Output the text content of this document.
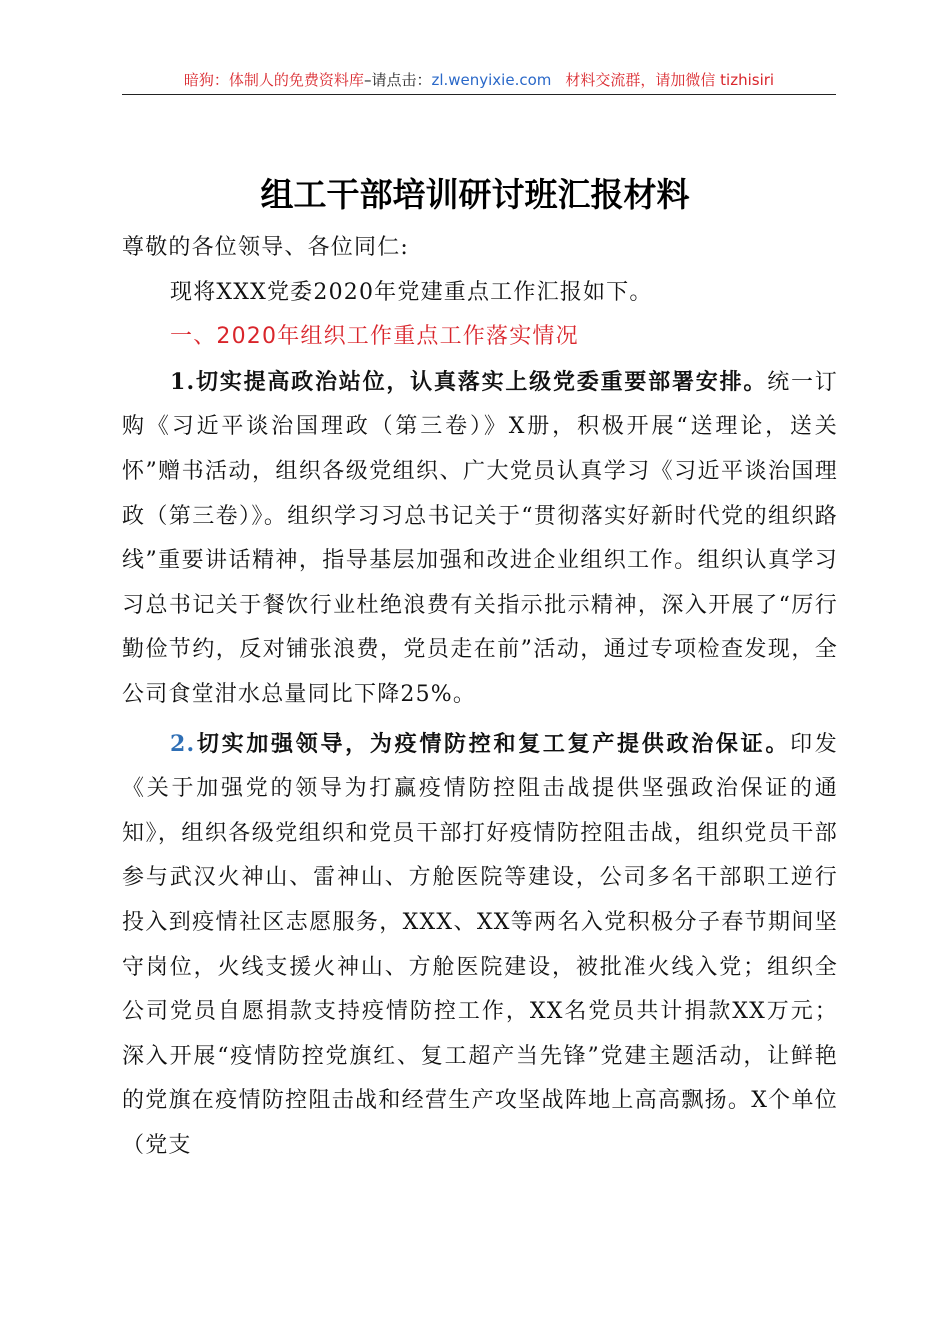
暗狗：体制人的免费资料库–请点击：zl.wenyixie.com 材料交流群，请加微信 tizhisiri
组工干部培训研讨班汇报材料

尊敬的各位领导、各位同仁:

现将XXX党委2020年党建重点工作汇报如下。

一、2020年组织工作重点工作落实情况

1.切实提高政治站位，认真落实上级党委重要部署安排。统一订购《习近平谈治国理政（第三卷）》X册，积极开展“送理论，送关怀”赠书活动，组织各级党组织、广大党员认真学习《习近平谈治国理政（第三卷）》。组织学习习总书记关于“贯彻落实好新时代党的组织路线”重要讲话精神，指导基层加强和改进企业组织工作。组织认真学习习总书记关于餐饮行业杜绝浪费有关指示批示精神，深入开展了“厉行勤俭节约，反对铺张浪费，党员走在前”活动，通过专项检查发现，全公司食堂泔水总量同比下降25%。

2.切实加强领导，为疫情防控和复工复产提供政治保证。印发《关于加强党的领导为打赢疫情防控阻击战提供坚强政治保证的通知》，组织各级党组织和党员干部打好疫情防控阻击战，组织党员干部参与武汉火神山、雷神山、方舱医院等建设，公司多名干部职工逆行投入到疫情社区志愿服务，XXX、XX等两名入党积极分子春节期间坚守岗位，火线支援火神山、方舱医院建设，被批准火线入党；组织全公司党员自愿捐款支持疫情防控工作，XX名党员共计捐款XX万元；深入开展“疫情防控党旗红、复工超产当先锋”党建主题活动，让鲜艳的党旗在疫情防控阻击战和经营生产攻坚战阵地上高高飘扬。X个单位（党支
